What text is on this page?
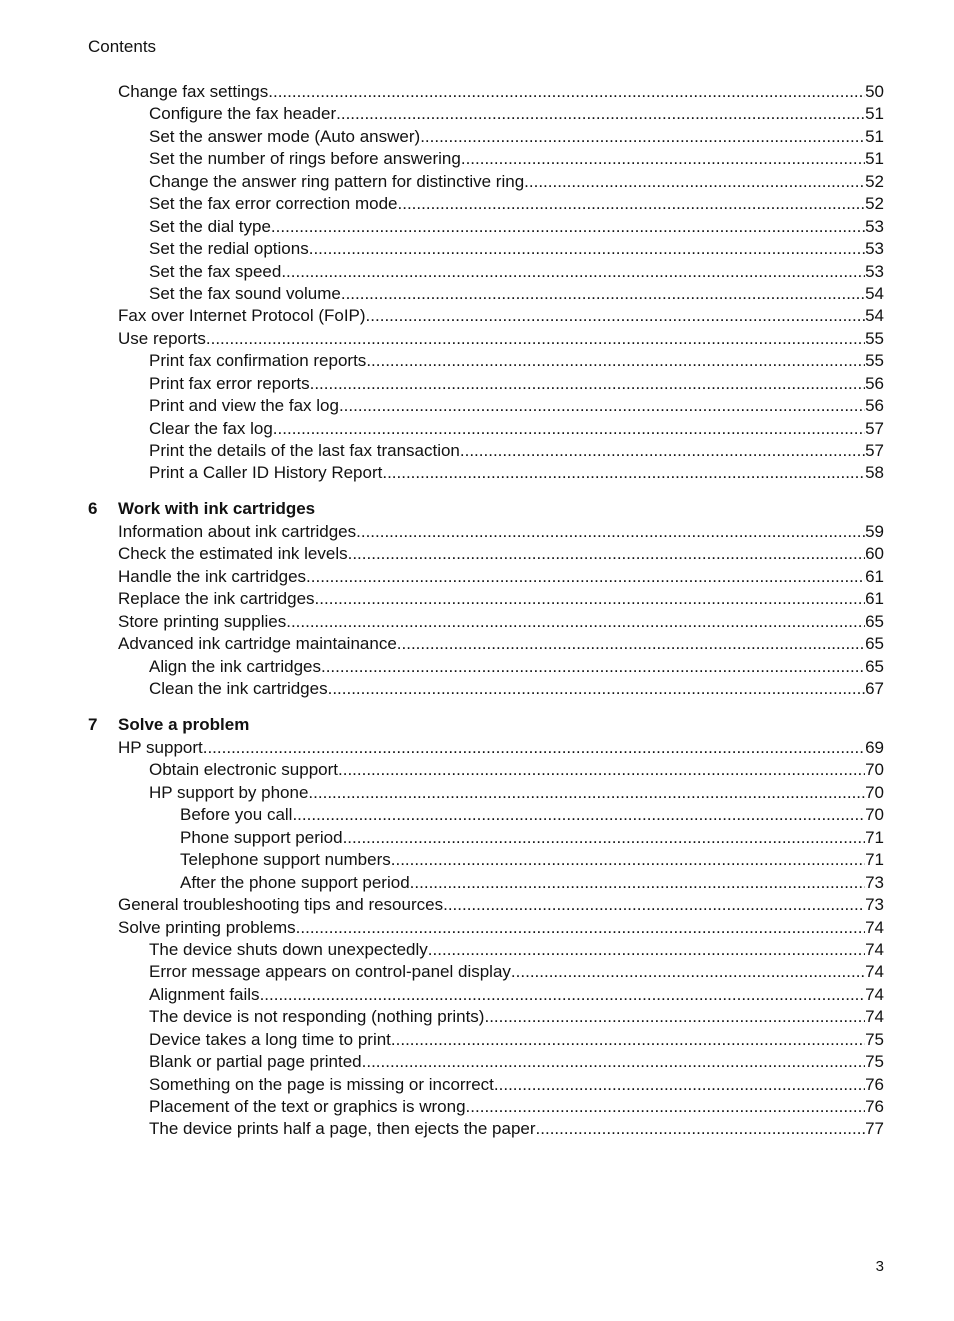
Contents
Change fax settings .....	50
Configure the fax header .....	51
Set the answer mode (Auto answer) .....	51
Set the number of rings before answering .....	51
Change the answer ring pattern for distinctive ring .....	52
Set the fax error correction mode .....	52
Set the dial type .....	53
Set the redial options .....	53
Set the fax speed .....	53
Set the fax sound volume .....	54
Fax over Internet Protocol (FoIP) .....	54
Use reports .....	55
Print fax confirmation reports .....	55
Print fax error reports .....	56
Print and view the fax log .....	56
Clear the fax log .....	57
Print the details of the last fax transaction .....	57
Print a Caller ID History Report .....	58
6	Work with ink cartridges
Information about ink cartridges .....	59
Check the estimated ink levels .....	60
Handle the ink cartridges .....	61
Replace the ink cartridges .....	61
Store printing supplies .....	65
Advanced ink cartridge maintainance .....	65
Align the ink cartridges .....	65
Clean the ink cartridges .....	67
7	Solve a problem
HP support .....	69
Obtain electronic support .....	70
HP support by phone .....	70
Before you call .....	70
Phone support period .....	71
Telephone support numbers .....	71
After the phone support period .....	73
General troubleshooting tips and resources .....	73
Solve printing problems .....	74
The device shuts down unexpectedly .....	74
Error message appears on control-panel display .....	74
Alignment fails .....	74
The device is not responding (nothing prints) .....	74
Device takes a long time to print .....	75
Blank or partial page printed .....	75
Something on the page is missing or incorrect .....	76
Placement of the text or graphics is wrong .....	76
The device prints half a page, then ejects the paper .....	77
3
